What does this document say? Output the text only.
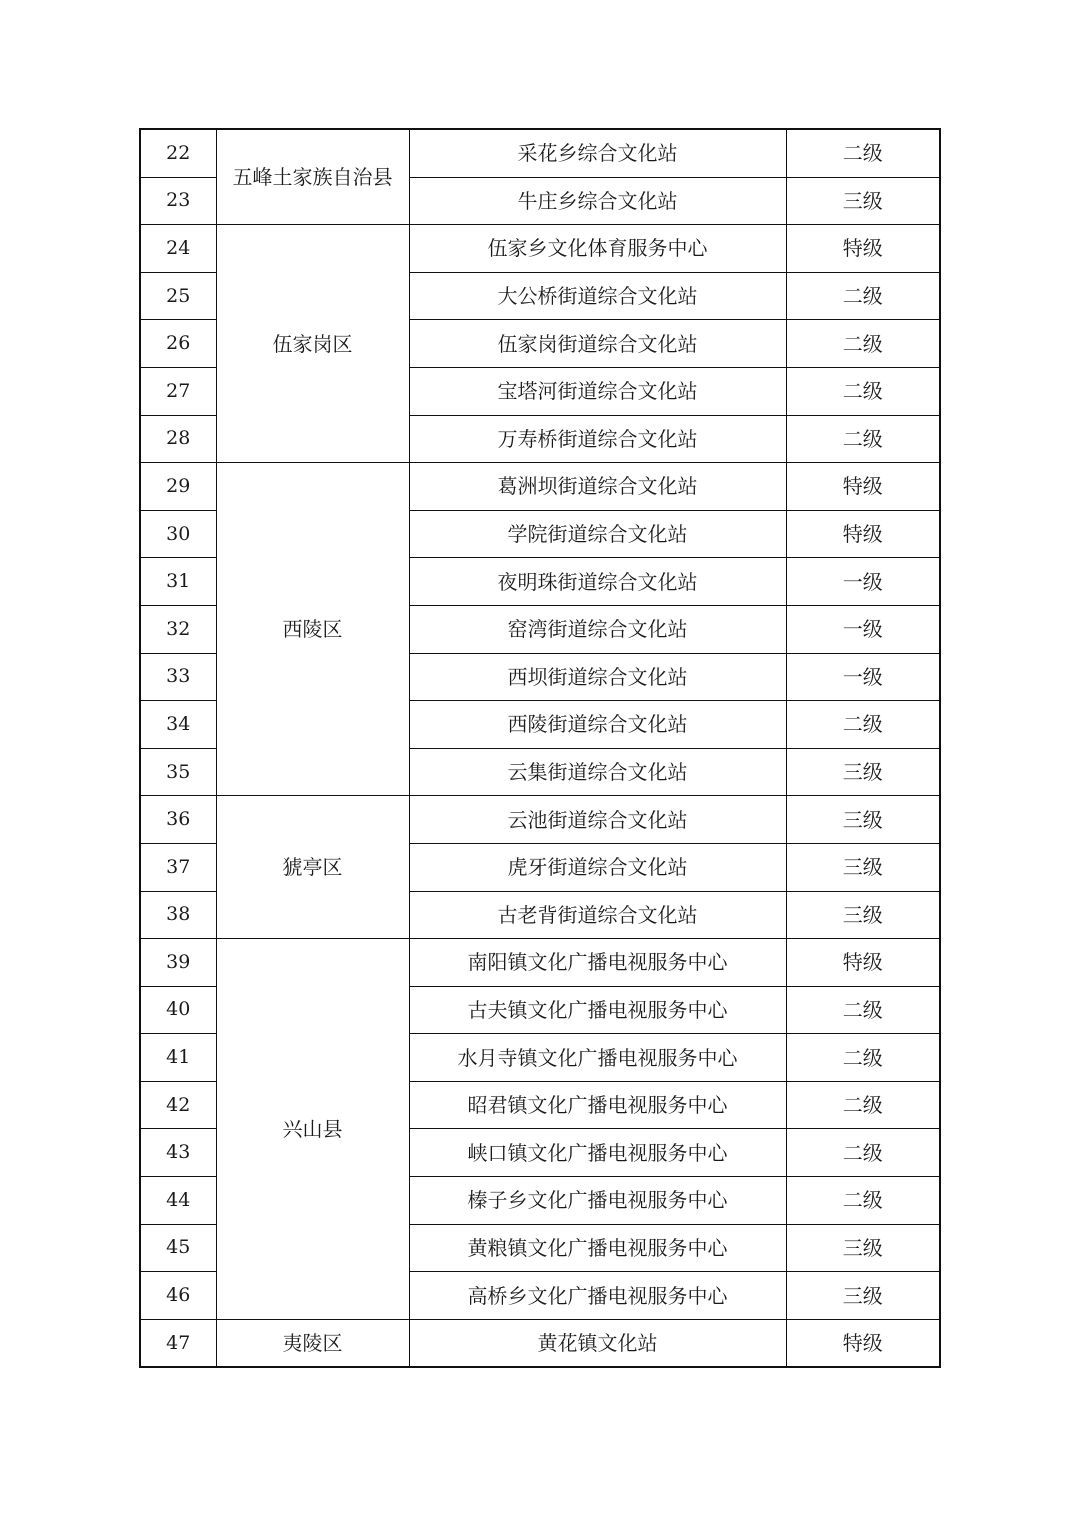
22	五峰土家族自治县	采花乡综合文化站	二级
23		牛庄乡综合文化站	三级
24	伍家岗区	伍家乡文化体育服务中心	特级
25		大公桥街道综合文化站	二级
26		伍家岗街道综合文化站	二级
27		宝塔河街道综合文化站	二级
28		万寿桥街道综合文化站	二级
29	西陵区	葛洲坝街道综合文化站	特级
30		学院街道综合文化站	特级
31		夜明珠街道综合文化站	一级
32		窑湾街道综合文化站	一级
33		西坝街道综合文化站	一级
34		西陵街道综合文化站	二级
35		云集街道综合文化站	三级
36	猇亭区	云池街道综合文化站	三级
37		虎牙街道综合文化站	三级
38		古老背街道综合文化站	三级
39	兴山县	南阳镇文化广播电视服务中心	特级
40		古夫镇文化广播电视服务中心	二级
41		水月寺镇文化广播电视服务中心	二级
42		昭君镇文化广播电视服务中心	二级
43		峡口镇文化广播电视服务中心	二级
44		榛子乡文化广播电视服务中心	二级
45		黄粮镇文化广播电视服务中心	三级
46		高桥乡文化广播电视服务中心	三级
47	夷陵区	黄花镇文化站	特级
